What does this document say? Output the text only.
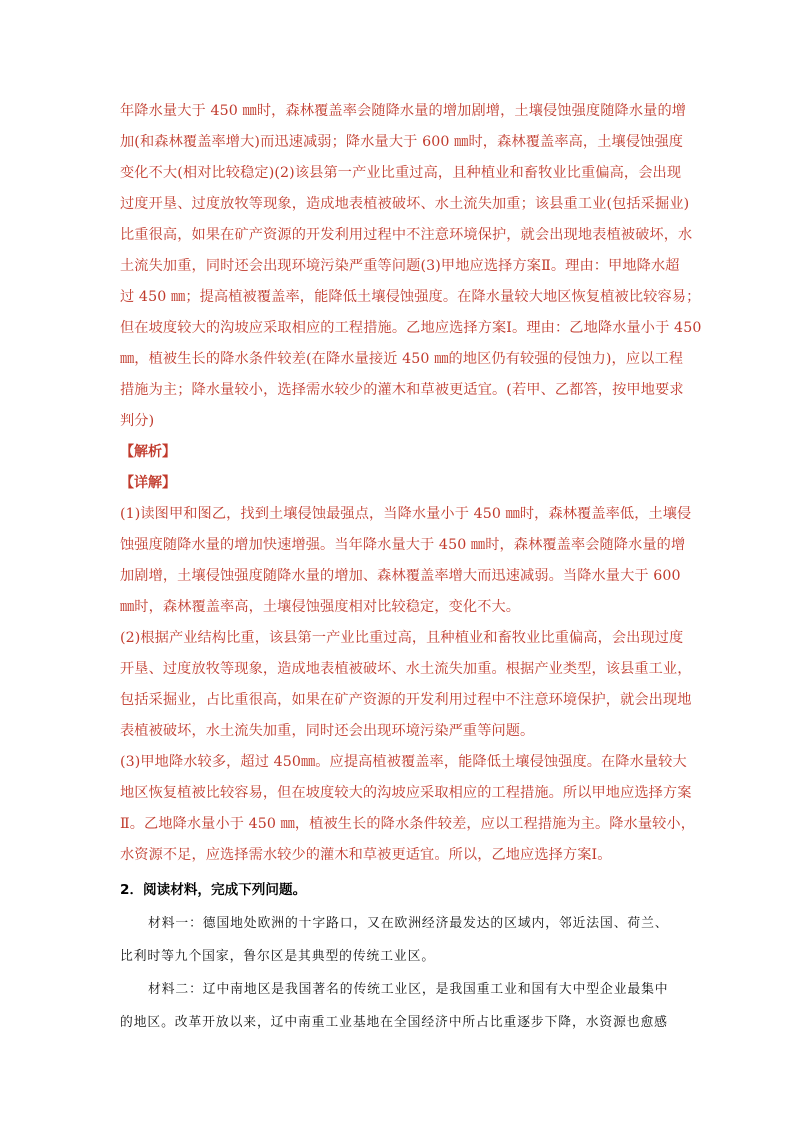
年降水量大于 450 ㎜时，森林覆盖率会随降水量的增加剧增，土壤侵蚀强度随降水量的增
加(和森林覆盖率增大)而迅速减弱；降水量大于 600 ㎜时，森林覆盖率高，土壤侵蚀强度
变化不大(相对比较稳定)(2)该县第一产业比重过高，且种植业和畜牧业比重偏高，会出现
过度开垦、过度放牧等现象，造成地表植被破坏、水土流失加重；该县重工业(包括采掘业)
比重很高，如果在矿产资源的开发利用过程中不注意环境保护，就会出现地表植被破坏，水
土流失加重，同时还会出现环境污染严重等问题(3)甲地应选择方案Ⅱ。理由：甲地降水超
过 450 ㎜；提高植被覆盖率，能降低土壤侵蚀强度。在降水量较大地区恢复植被比较容易；
但在坡度较大的沟坡应采取相应的工程措施。乙地应选择方案Ⅰ。理由：乙地降水量小于 450
㎜，植被生长的降水条件较差(在降水量接近 450 ㎜的地区仍有较强的侵蚀力)，应以工程
措施为主；降水量较小，选择需水较少的灌木和草被更适宜。(若甲、乙都答，按甲地要求
判分)
【解析】
【详解】
(1)读图甲和图乙，找到土壤侵蚀最强点，当降水量小于 450 ㎜时，森林覆盖率低，土壤侵
蚀强度随降水量的增加快速增强。当年降水量大于 450 ㎜时，森林覆盖率会随降水量的增
加剧增，土壤侵蚀强度随降水量的增加、森林覆盖率增大而迅速减弱。当降水量大于 600
㎜时，森林覆盖率高，土壤侵蚀强度相对比较稳定，变化不大。
(2)根据产业结构比重，该县第一产业比重过高，且种植业和畜牧业比重偏高，会出现过度
开垦、过度放牧等现象，造成地表植被破坏、水土流失加重。根据产业类型，该县重工业，
包括采掘业，占比重很高，如果在矿产资源的开发利用过程中不注意环境保护，就会出现地
表植被破坏，水土流失加重，同时还会出现环境污染严重等问题。
(3)甲地降水较多，超过 450㎜。应提高植被覆盖率，能降低土壤侵蚀强度。在降水量较大
地区恢复植被比较容易，但在坡度较大的沟坡应采取相应的工程措施。所以甲地应选择方案
Ⅱ。乙地降水量小于 450 ㎜，植被生长的降水条件较差，应以工程措施为主。降水量较小，
水资源不足，应选择需水较少的灌木和草被更适宜。所以，乙地应选择方案Ⅰ。
2．阅读材料，完成下列问题。
材料一：德国地处欧洲的十字路口，又在欧洲经济最发达的区域内，邻近法国、荷兰、
比利时等九个国家，鲁尔区是其典型的传统工业区。
材料二：辽中南地区是我国著名的传统工业区，是我国重工业和国有大中型企业最集中
的地区。改革开放以来，辽中南重工业基地在全国经济中所占比重逐步下降，水资源也愈感
